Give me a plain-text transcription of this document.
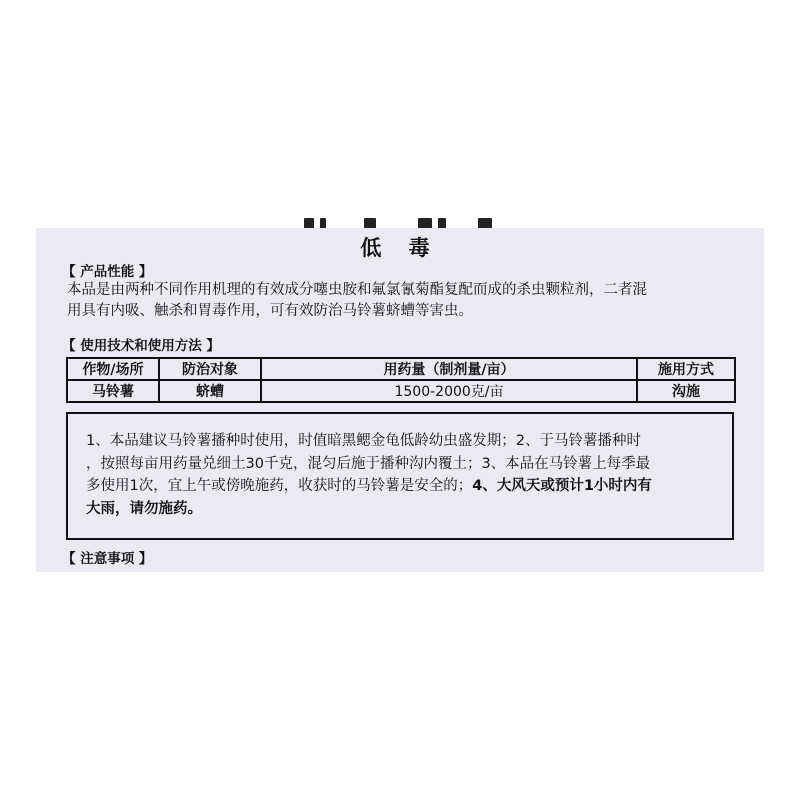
低 毒
【 产品性能 】
本品是由两种不同作用机理的有效成分噻虫胺和氟氯氰菊酯复配而成的杀虫颗粒剂，二者混
用具有内吸、触杀和胃毒作用，可有效防治马铃薯蛴螬等害虫。
【 使用技术和使用方法 】
作物/场所	防治对象	用药量（制剂量/亩）	施用方式
马铃薯	蛴螬	1500-2000克/亩	沟施
1、本品建议马铃薯播种时使用，时值暗黑鳃金龟低龄幼虫盛发期；2、于马铃薯播种时
，按照每亩用药量兑细土30千克，混匀后施于播种沟内覆土；3、本品在马铃薯上每季最
多使用1次，宜上午或傍晚施药，收获时的马铃薯是安全的；4、大风天或预计1小时内有
大雨，请勿施药。
【 注意事项 】
